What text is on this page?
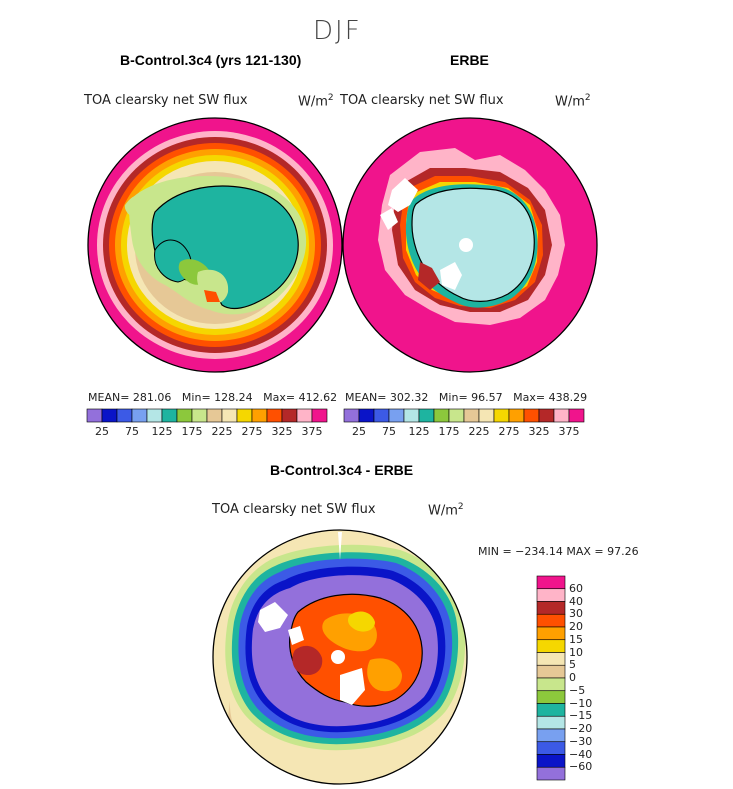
DJF
B-Control.3c4 (yrs 121-130)	ERBE
TOA clearsky net SW flux	$W/m^2$ TOA clearsky net SW flux	$W/m^2$
MEAN= 281.06 Min= 128.24 Max= 412.62 MEAN= 302.32 Min= 96.57 Max= 438.29
B-Control.3c4 - ERBE
TOA clearsky net SW flux	$W/m^2$
MIN = −234.14 MAX = 97.26
25 75 125 175 225 275 325 375	25 75 125 175 225 275 325 375
60
40
30
20
15
10
5
0
−5
−10
−15
−20
−30
−40
−60
